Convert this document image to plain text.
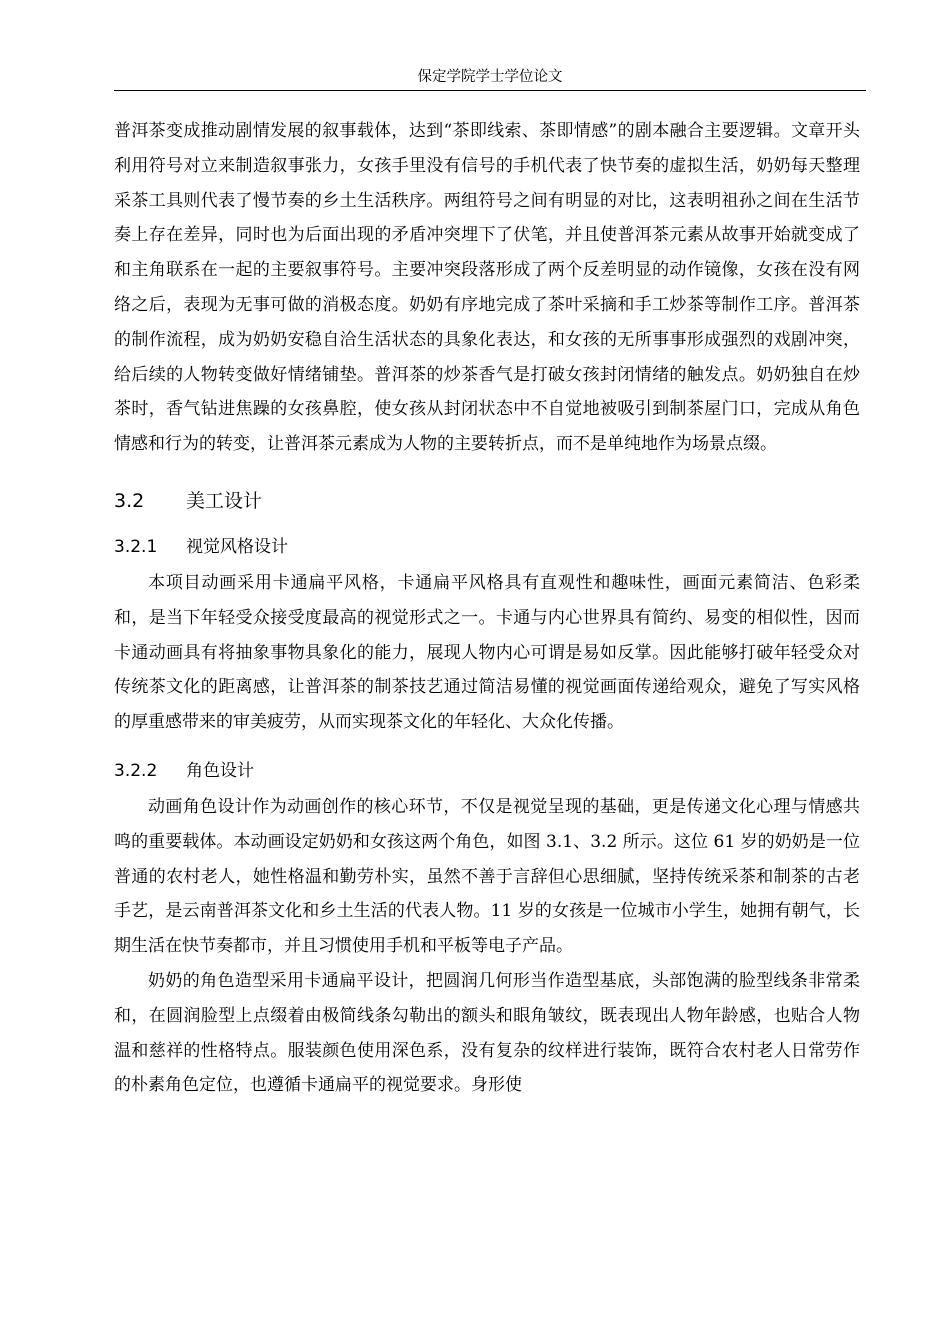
保定学院学士学位论文

普洱茶变成推动剧情发展的叙事载体，达到“茶即线索、茶即情感”的剧本融合主要逻辑。文章开头利用符号对立来制造叙事张力，女孩手里没有信号的手机代表了快节奏的虚拟生活，奶奶每天整理采茶工具则代表了慢节奏的乡土生活秩序。两组符号之间有明显的对比，这表明祖孙之间在生活节奏上存在差异，同时也为后面出现的矛盾冲突埋下了伏笔，并且使普洱茶元素从故事开始就变成了和主角联系在一起的主要叙事符号。主要冲突段落形成了两个反差明显的动作镜像，女孩在没有网络之后，表现为无事可做的消极态度。奶奶有序地完成了茶叶采摘和手工炒茶等制作工序。普洱茶的制作流程，成为奶奶安稳自洽生活状态的具象化表达，和女孩的无所事事形成强烈的戏剧冲突，给后续的人物转变做好情绪铺垫。普洱茶的炒茶香气是打破女孩封闭情绪的触发点。奶奶独自在炒茶时，香气钻进焦躁的女孩鼻腔，使女孩从封闭状态中不自觉地被吸引到制茶屋门口，完成从角色情感和行为的转变，让普洱茶元素成为人物的主要转折点，而不是单纯地作为场景点缀。

3.2 美工设计
3.2.1 视觉风格设计

本项目动画采用卡通扁平风格，卡通扁平风格具有直观性和趣味性，画面元素简洁、色彩柔和，是当下年轻受众接受度最高的视觉形式之一。卡通与内心世界具有简约、易变的相似性，因而卡通动画具有将抽象事物具象化的能力，展现人物内心可谓是易如反掌。因此能够打破年轻受众对传统茶文化的距离感，让普洱茶的制茶技艺通过简洁易懂的视觉画面传递给观众，避免了写实风格的厚重感带来的审美疲劳，从而实现茶文化的年轻化、大众化传播。

3.2.2 角色设计

动画角色设计作为动画创作的核心环节，不仅是视觉呈现的基础，更是传递文化心理与情感共鸣的重要载体。本动画设定奶奶和女孩这两个角色，如图 3.1、3.2 所示。这位 61 岁的奶奶是一位普通的农村老人，她性格温和勤劳朴实，虽然不善于言辞但心思细腻，坚持传统采茶和制茶的古老手艺，是云南普洱茶文化和乡土生活的代表人物。11 岁的女孩是一位城市小学生，她拥有朝气，长期生活在快节奏都市，并且习惯使用手机和平板等电子产品。

奶奶的角色造型采用卡通扁平设计，把圆润几何形当作造型基底，头部饱满的脸型线条非常柔和，在圆润脸型上点缀着由极简线条勾勒出的额头和眼角皱纹，既表现出人物年龄感，也贴合人物温和慈祥的性格特点。服装颜色使用深色系，没有复杂的纹样进行装饰，既符合农村老人日常劳作的朴素角色定位，也遵循卡通扁平的视觉要求。身形使
